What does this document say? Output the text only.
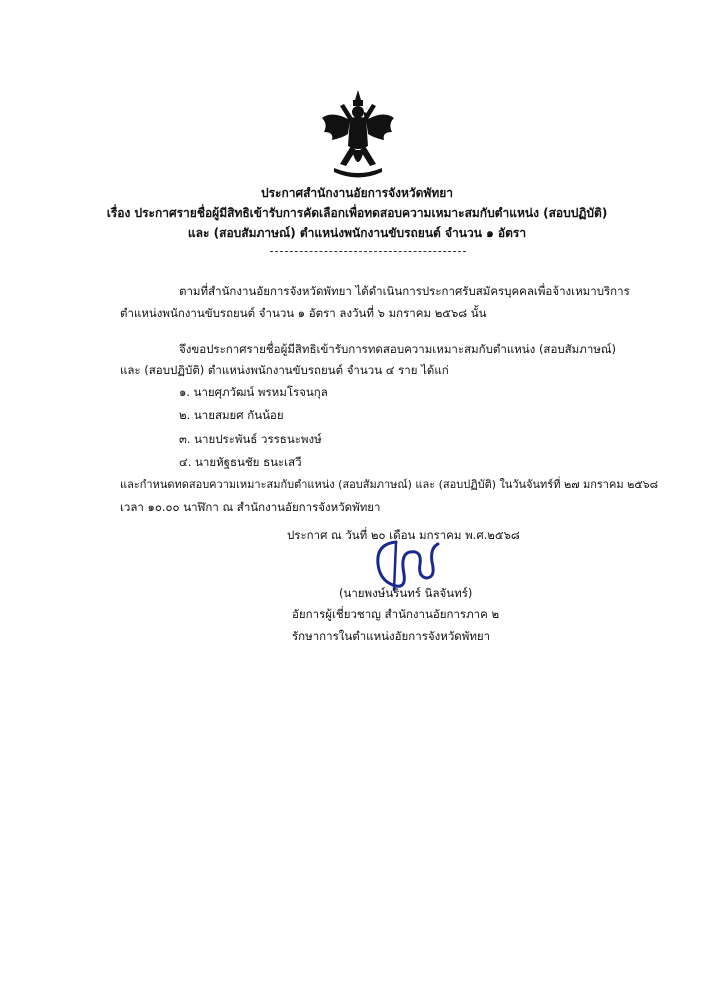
ประกาศสำนักงานอัยการจังหวัดพัทยา
เรื่อง ประกาศรายชื่อผู้มีสิทธิเข้ารับการคัดเลือกเพื่อทดสอบความเหมาะสมกับตำแหน่ง (สอบปฏิบัติ)
และ (สอบสัมภาษณ์) ตำแหน่งพนักงานขับรถยนต์ จำนวน ๑ อัตรา
ตามที่สำนักงานอัยการจังหวัดพัทยา ได้ดำเนินการประกาศรับสมัครบุคคลเพื่อจ้างเหมาบริการ
ตำแหน่งพนักงานขับรถยนต์ จำนวน ๑ อัตรา ลงวันที่ ๖ มกราคม ๒๕๖๘ นั้น
จึงขอประกาศรายชื่อผู้มีสิทธิเข้ารับการทดสอบความเหมาะสมกับตำแหน่ง (สอบสัมภาษณ์)
และ (สอบปฏิบัติ) ตำแหน่งพนักงานขับรถยนต์ จำนวน ๔ ราย ได้แก่
๑. นายศุภวัฒน์ พรหมโรจนกุล
๒. นายสมยศ กันน้อย
๓. นายประพันธ์ วรรธนะพงษ์
๔. นายหัฐธนชัย ธนะเสวี
และกำหนดทดสอบความเหมาะสมกับตำแหน่ง (สอบสัมภาษณ์) และ (สอบปฏิบัติ) ในวันจันทร์ที่ ๒๗ มกราคม ๒๕๖๘
เวลา ๑๐.๐๐ นาฬิกา ณ สำนักงานอัยการจังหวัดพัทยา
ประกาศ ณ วันที่ ๒๐ เดือน มกราคม พ.ศ.๒๕๖๘
(นายพงษ์นรินทร์ นิลจันทร์)
อัยการผู้เชี่ยวชาญ สำนักงานอัยการภาค ๒
รักษาการในตำแหน่งอัยการจังหวัดพัทยา
